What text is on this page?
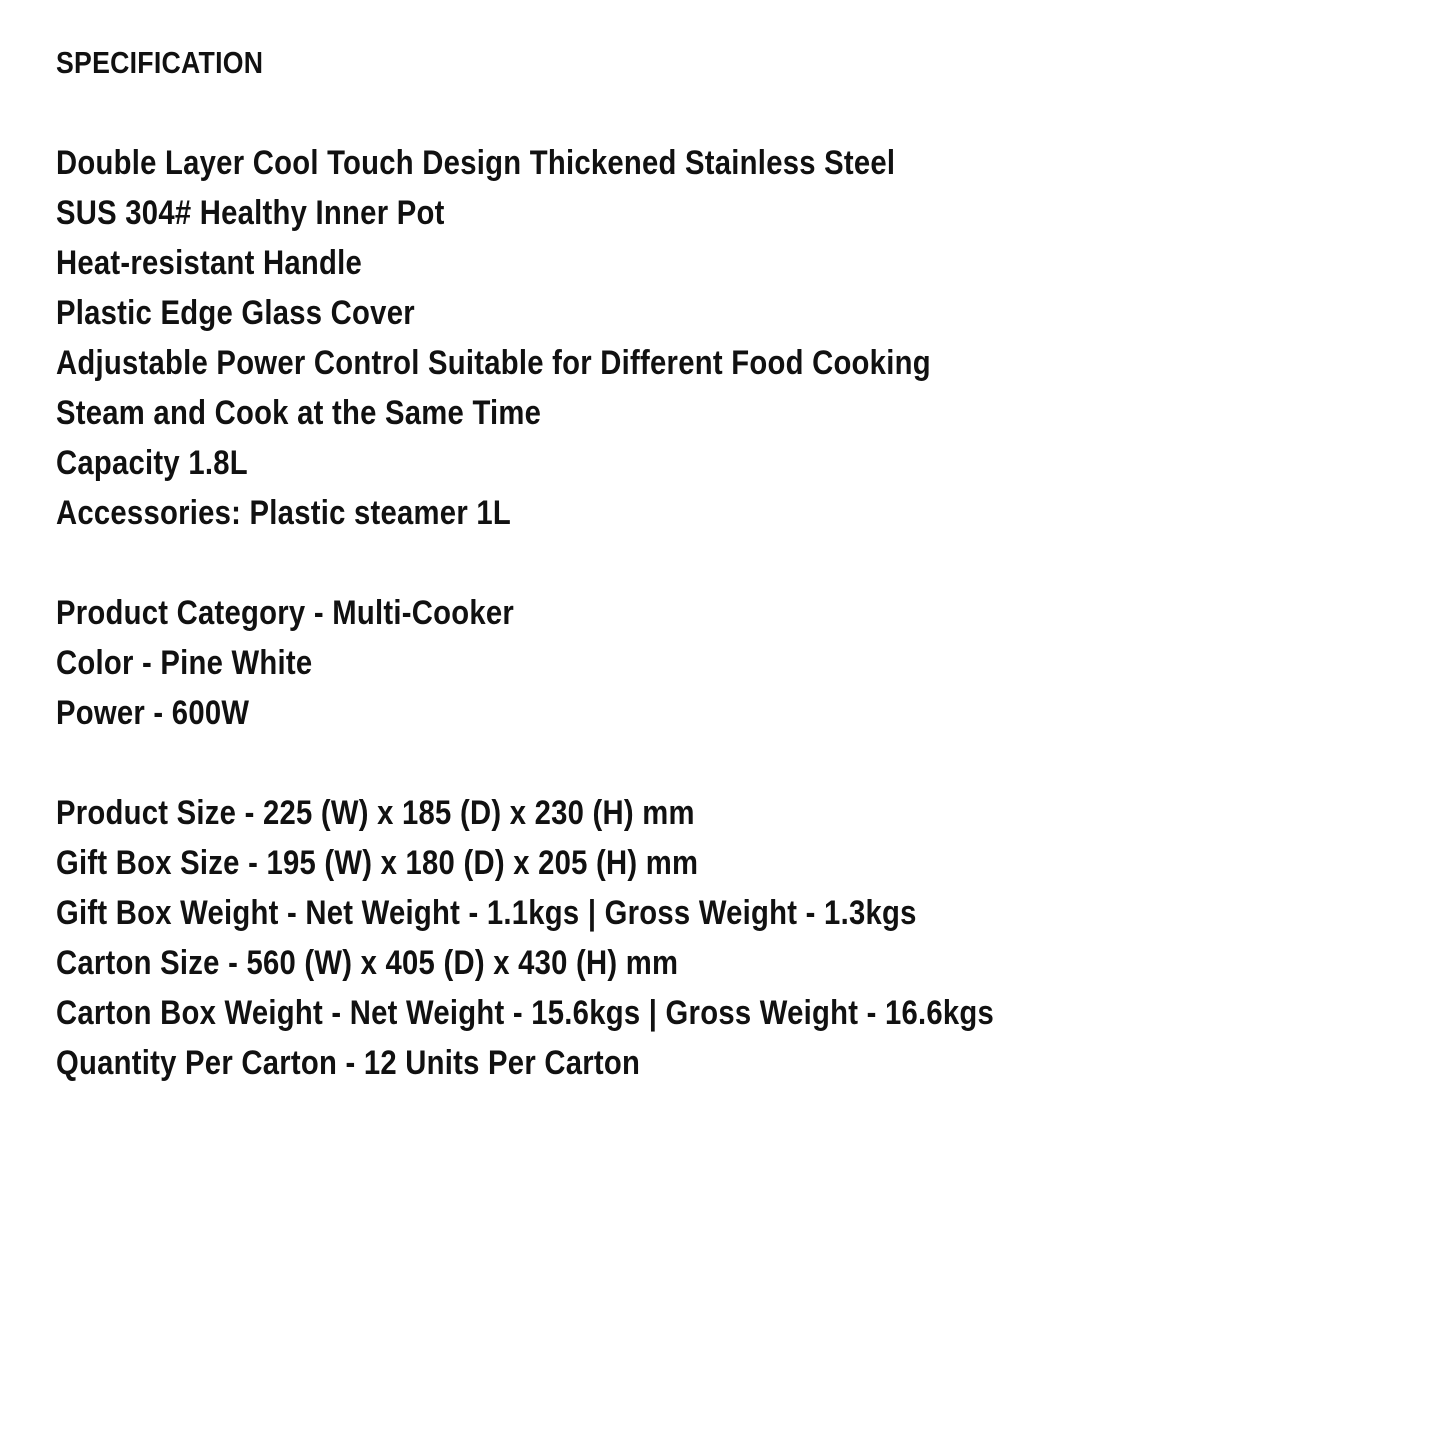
SPECIFICATION
Double Layer Cool Touch Design Thickened Stainless Steel
SUS 304# Healthy Inner Pot
Heat-resistant Handle
Plastic Edge Glass Cover
Adjustable Power Control Suitable for Different Food Cooking
Steam and Cook at the Same Time
Capacity 1.8L
Accessories: Plastic steamer 1L
Product Category - Multi-Cooker
Color - Pine White
Power - 600W
Product Size - 225 (W) x 185 (D) x 230 (H) mm
Gift Box Size - 195 (W) x 180 (D) x 205 (H) mm
Gift Box Weight - Net Weight - 1.1kgs | Gross Weight - 1.3kgs
Carton Size - 560 (W) x 405 (D) x 430 (H) mm
Carton Box Weight - Net Weight - 15.6kgs | Gross Weight - 16.6kgs
Quantity Per Carton - 12 Units Per Carton
